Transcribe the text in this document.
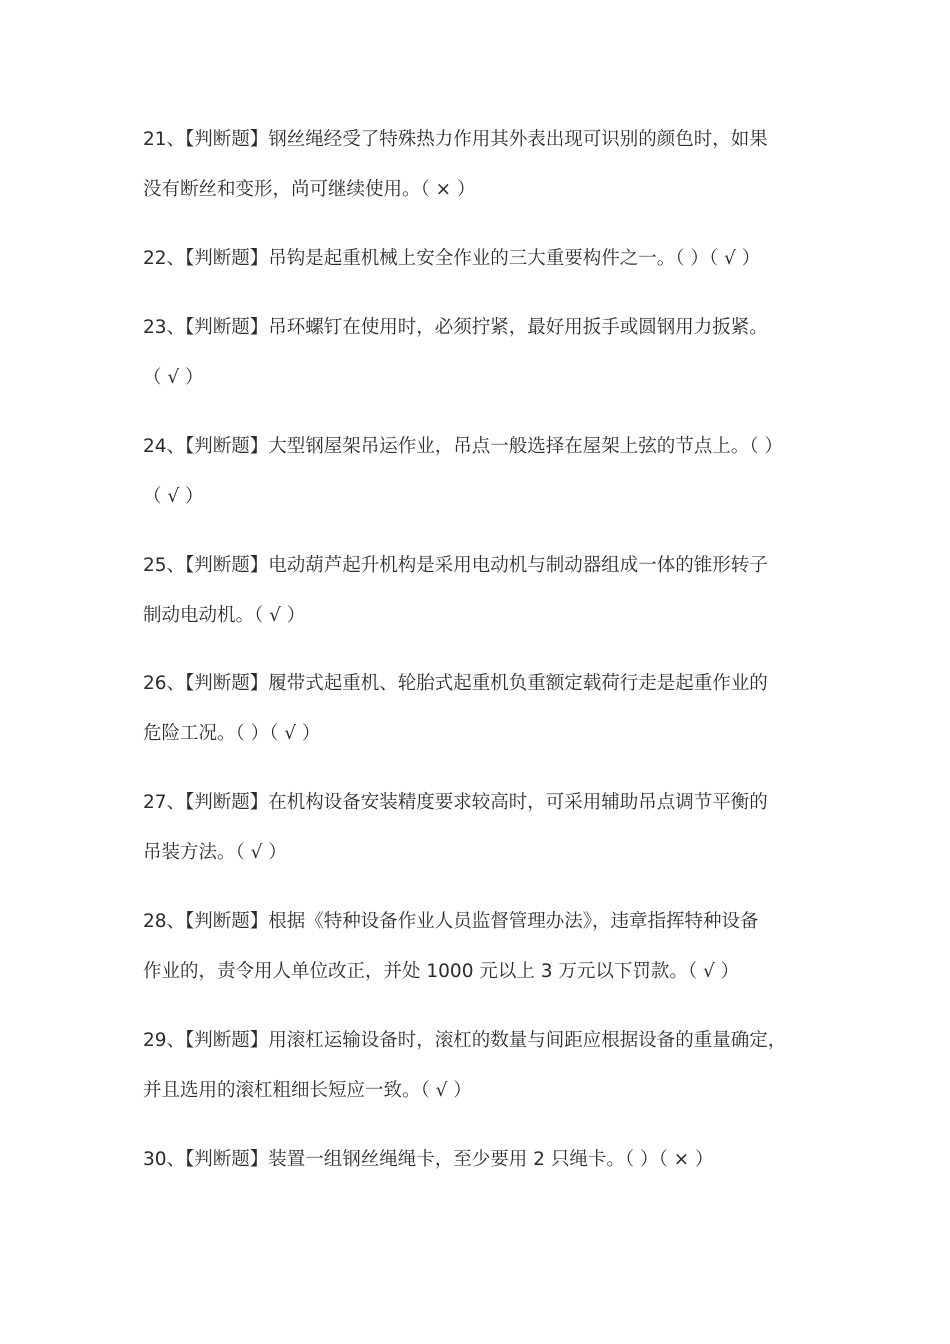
21、【判断题】钢丝绳经受了特殊热力作用其外表出现可识别的颜色时，如果
没有断丝和变形，尚可继续使用。（ × ）
22、【判断题】吊钩是起重机械上安全作业的三大重要构件之一。（ ）（ √ ）
23、【判断题】吊环螺钉在使用时，必须拧紧，最好用扳手或圆钢用力扳紧。
（ √ ）
24、【判断题】大型钢屋架吊运作业，吊点一般选择在屋架上弦的节点上。（ ）
（ √ ）
25、【判断题】电动葫芦起升机构是采用电动机与制动器组成一体的锥形转子
制动电动机。（ √ ）
26、【判断题】履带式起重机、轮胎式起重机负重额定载荷行走是起重作业的
危险工况。（ ）（ √ ）
27、【判断题】在机构设备安装精度要求较高时，可采用辅助吊点调节平衡的
吊装方法。（ √ ）
28、【判断题】根据《特种设备作业人员监督管理办法》，违章指挥特种设备
作业的，责令用人单位改正，并处 1000 元以上 3 万元以下罚款。（ √ ）
29、【判断题】用滚杠运输设备时，滚杠的数量与间距应根据设备的重量确定，
并且选用的滚杠粗细长短应一致。（ √ ）
30、【判断题】装置一组钢丝绳绳卡，至少要用 2 只绳卡。（ ）（ × ）
